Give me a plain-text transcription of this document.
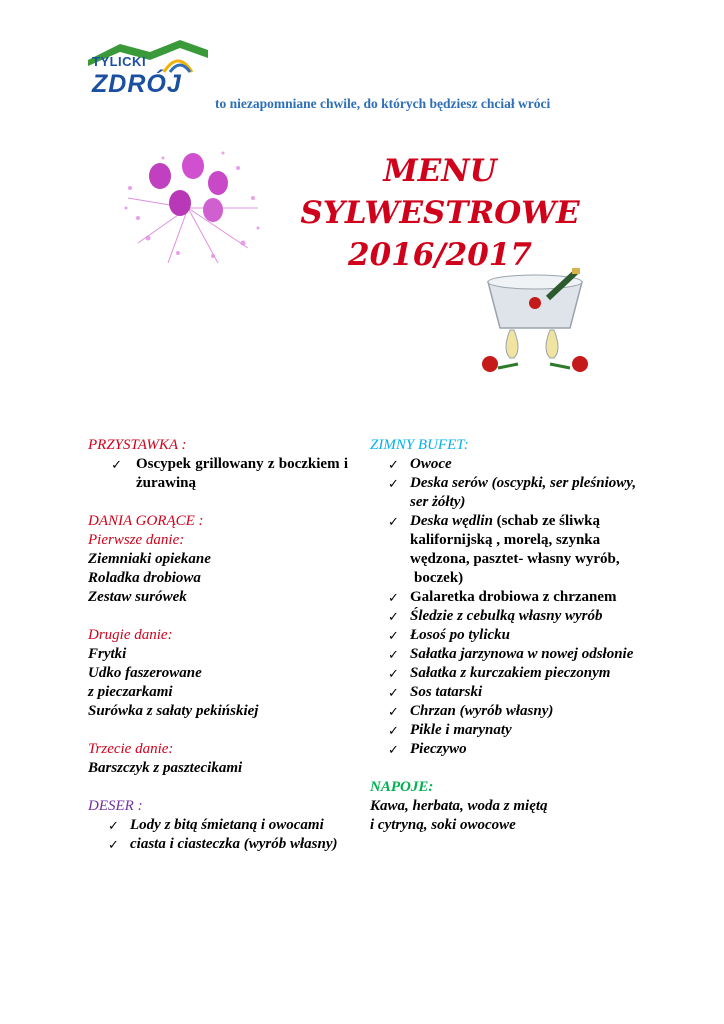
TYLICKI
ZDRÓJ
to niezapomniane chwile, do których będziesz chciał wróci
MENU
SYLWESTROWE
2016/2017
PRZYSTAWKA :
✓ Oscypek grillowany z boczkiem i żurawiną
DANIA GORĄCE :
Pierwsze danie:
Ziemniaki opiekane
Roladka drobiowa
Zestaw surówek
Drugie danie:
Frytki
Udko faszerowane
z pieczarkami
Surówka z sałaty pekińskiej
Trzecie danie:
Barszczyk z pasztecikami
DESER :
✓ Lody z bitą śmietaną i owocami
✓ ciasta i ciasteczka (wyrób własny)
ZIMNY BUFET:
✓ Owoce
✓ Deska serów (oscypki, ser pleśniowy, ser żółty)
✓ Deska wędlin (schab ze śliwką kalifornijską , morelą, szynka wędzona, pasztet- własny wyrób,
boczek)
✓ Galaretka drobiowa z chrzanem
✓ Śledzie z cebulką własny wyrób
✓ Łosoś po tylicku
✓ Sałatka jarzynowa w nowej odsłonie
✓ Sałatka z kurczakiem pieczonym
✓ Sos tatarski
✓ Chrzan (wyrób własny)
✓ Pikle i marynaty
✓ Pieczywo
NAPOJE:
Kawa, herbata, woda z miętą
i cytryną, soki owocowe
